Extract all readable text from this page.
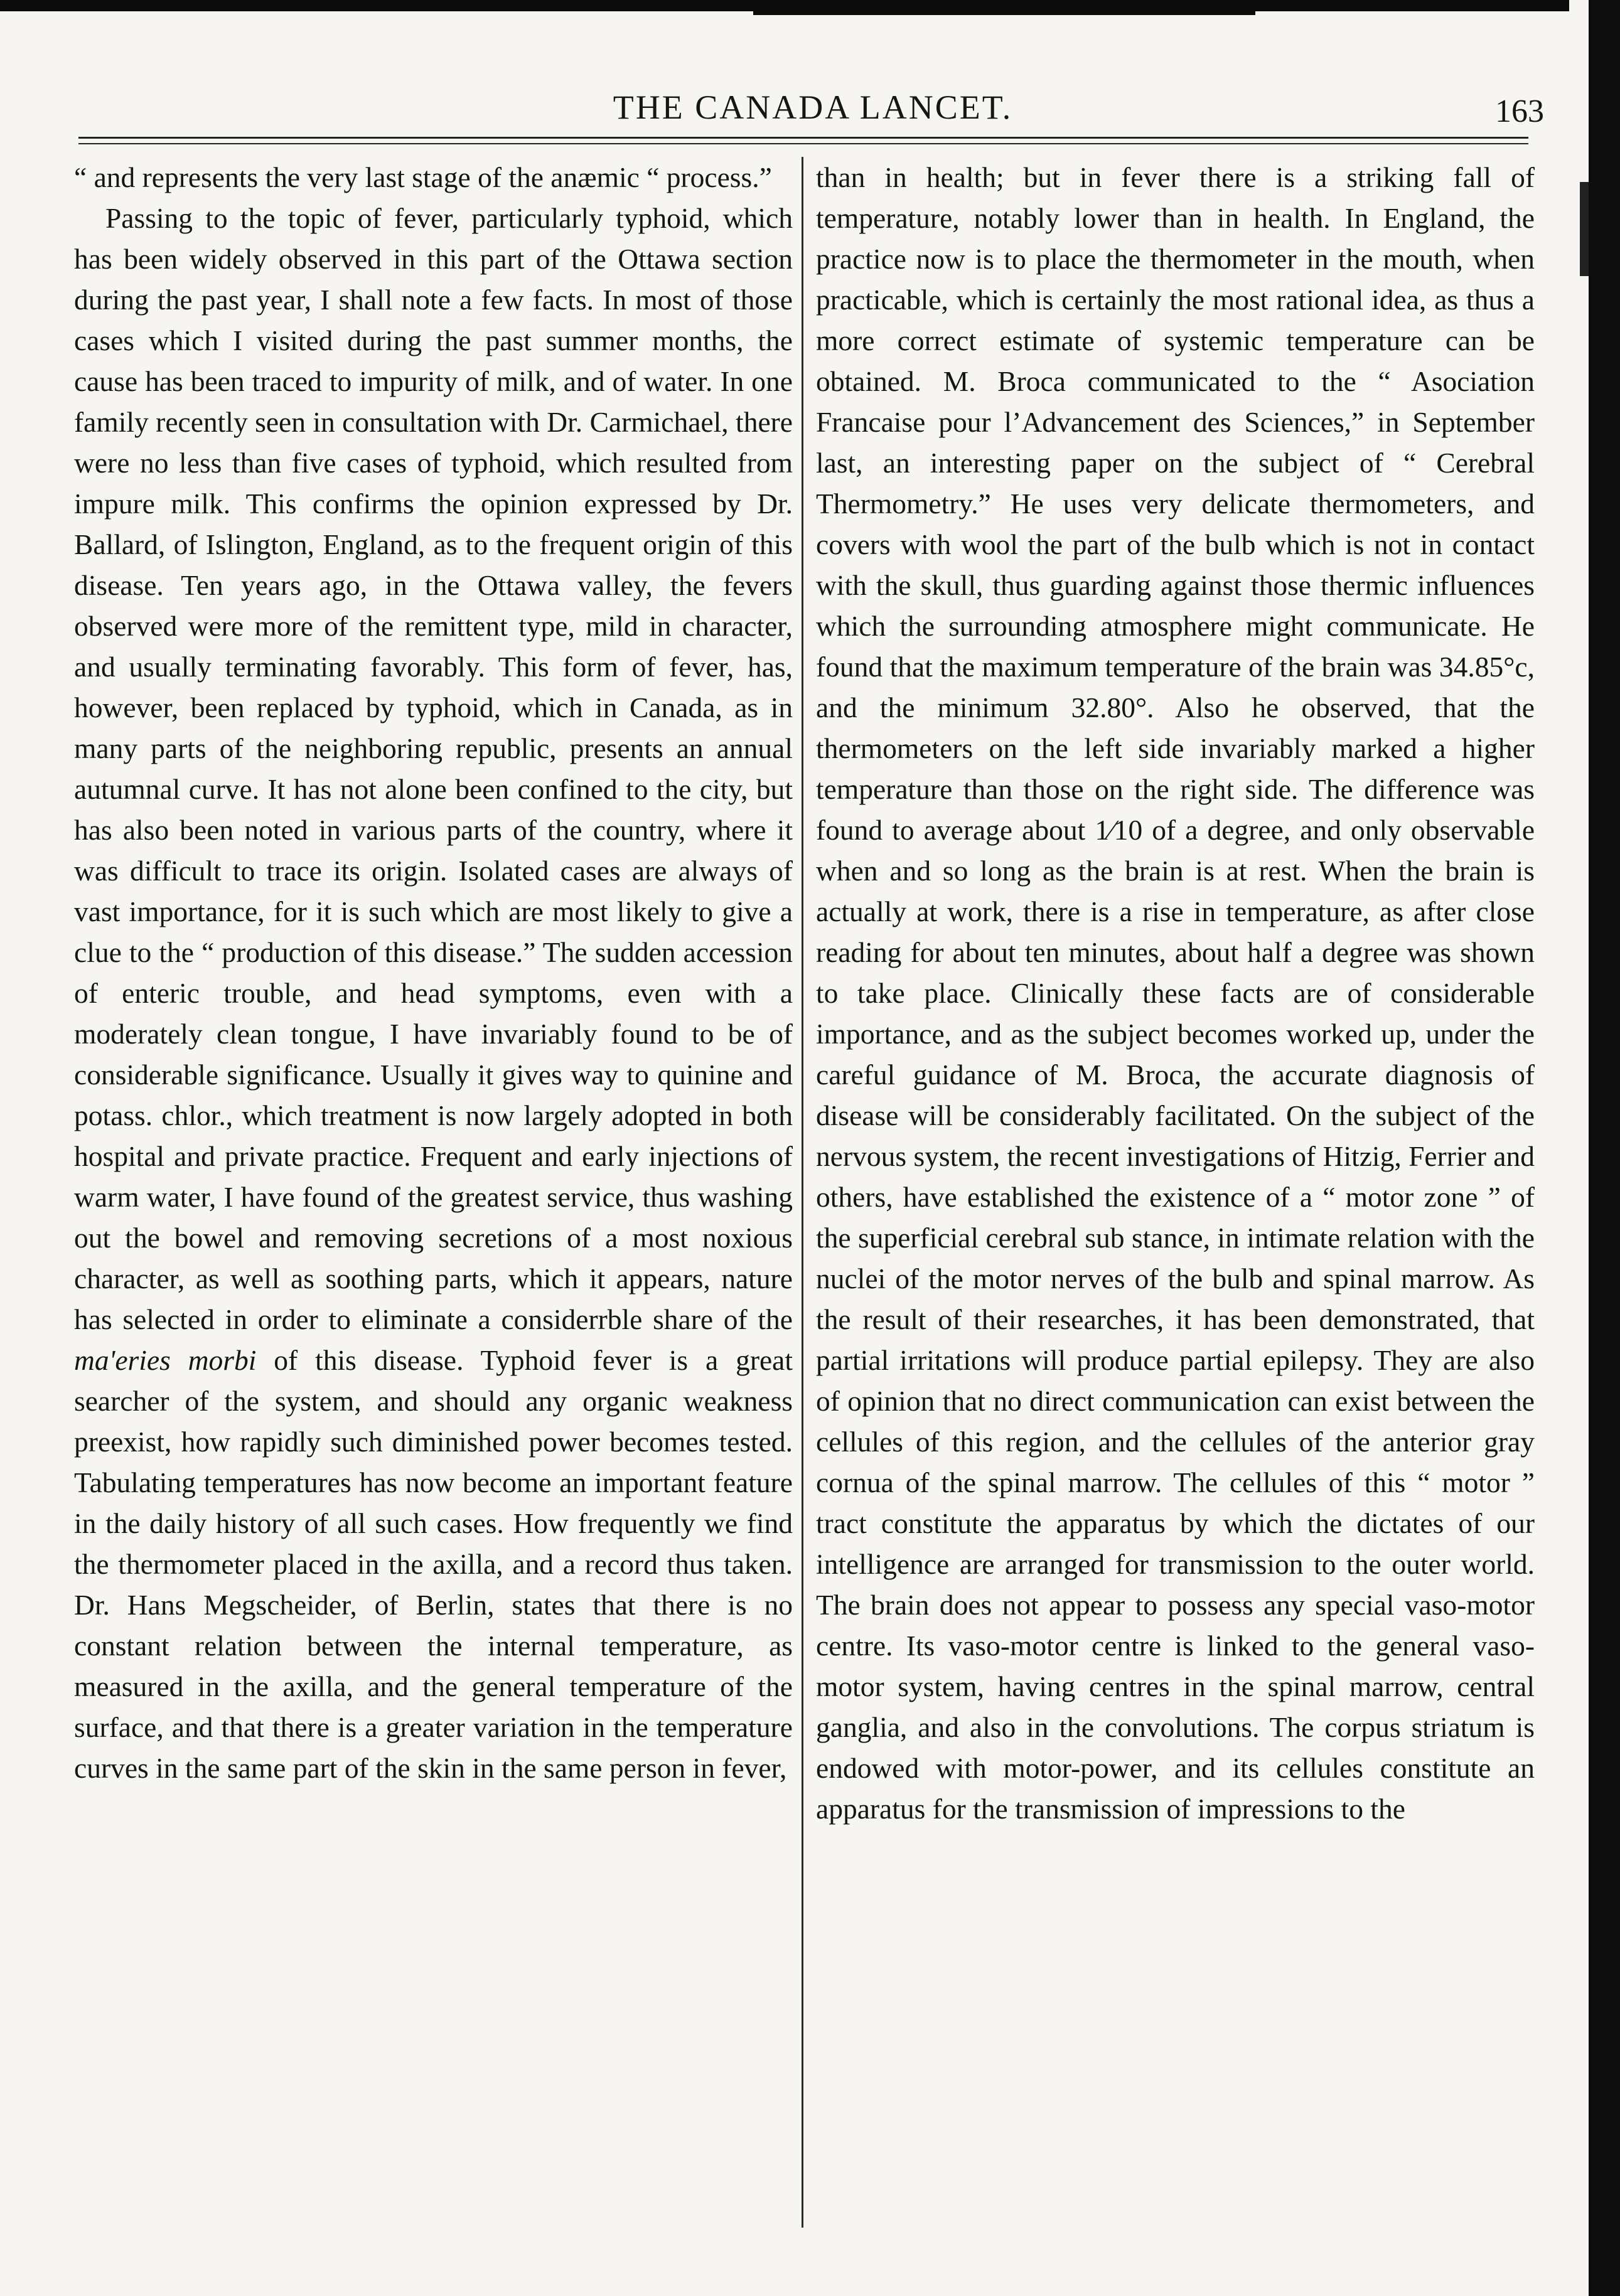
THE CANADA LANCET.	163

“ and represents the very last stage of the anæmic “ process.”

Passing to the topic of fever, particularly typhoid, which has been widely observed in this part of the Ottawa section during the past year, I shall note a few facts. In most of those cases which I visited during the past summer months, the cause has been traced to impurity of milk, and of water. In one family recently seen in consultation with Dr. Carmichael, there were no less than five cases of typhoid, which resulted from impure milk. This confirms the opinion expressed by Dr. Ballard, of Islington, England, as to the frequent origin of this disease. Ten years ago, in the Ottawa valley, the fevers observed were more of the remittent type, mild in character, and usually terminating favorably. This form of fever, has, however, been replaced by typhoid, which in Canada, as in many parts of the neighboring republic, presents an annual autumnal curve. It has not alone been confined to the city, but has also been noted in various parts of the country, where it was difficult to trace its origin. Isolated cases are always of vast importance, for it is such which are most likely to give a clue to the “ production of this disease.” The sudden accession of enteric trouble, and head symptoms, even with a moderately clean tongue, I have invariably found to be of considerable significance. Usually it gives way to quinine and potass. chlor., which treatment is now largely adopted in both hospital and private practice. Frequent and early injections of warm water, I have found of the greatest service, thus washing out the bowel and removing secretions of a most noxious character, as well as soothing parts, which it appears, nature has selected in order to eliminate a considerrble share of the ma'eries morbi of this disease. Typhoid fever is a great searcher of the system, and should any organic weakness preexist, how rapidly such diminished power becomes tested. Tabulating temperatures has now become an important feature in the daily history of all such cases. How frequently we find the thermometer placed in the axilla, and a record thus taken. Dr. Hans Megscheider, of Berlin, states that there is no constant relation between the internal temperature, as measured in the axilla, and the general temperature of the surface, and that there is a greater variation in the temperature curves in the same part of the skin in the same person in fever,

than in health; but in fever there is a striking fall of temperature, notably lower than in health. In England, the practice now is to place the thermometer in the mouth, when practicable, which is certainly the most rational idea, as thus a more correct estimate of systemic temperature can be obtained. M. Broca communicated to the “ Asociation Francaise pour l’Advancement des Sciences,” in September last, an interesting paper on the subject of “ Cerebral Thermometry.” He uses very delicate thermometers, and covers with wool the part of the bulb which is not in contact with the skull, thus guarding against those thermic influences which the surrounding atmosphere might communicate. He found that the maximum temperature of the brain was 34.85°c, and the minimum 32.80°. Also he observed, that the thermometers on the left side invariably marked a higher temperature than those on the right side. The difference was found to average about 1⁄10 of a degree, and only observable when and so long as the brain is at rest. When the brain is actually at work, there is a rise in temperature, as after close reading for about ten minutes, about half a degree was shown to take place. Clinically these facts are of considerable importance, and as the subject becomes worked up, under the careful guidance of M. Broca, the accurate diagnosis of disease will be considerably facilitated. On the subject of the nervous system, the recent investigations of Hitzig, Ferrier and others, have established the existence of a “ motor zone ” of the superficial cerebral sub stance, in intimate relation with the nuclei of the motor nerves of the bulb and spinal marrow. As the result of their researches, it has been demonstrated, that partial irritations will produce partial epilepsy. They are also of opinion that no direct communication can exist between the cellules of this region, and the cellules of the anterior gray cornua of the spinal marrow. The cellules of this “ motor ” tract constitute the apparatus by which the dictates of our intelligence are arranged for transmission to the outer world. The brain does not appear to possess any special vaso-motor centre. Its vaso-motor centre is linked to the general vaso-motor system, having centres in the spinal marrow, central ganglia, and also in the convolutions. The corpus striatum is endowed with motor-power, and its cellules constitute an apparatus for the transmission of impressions to the
